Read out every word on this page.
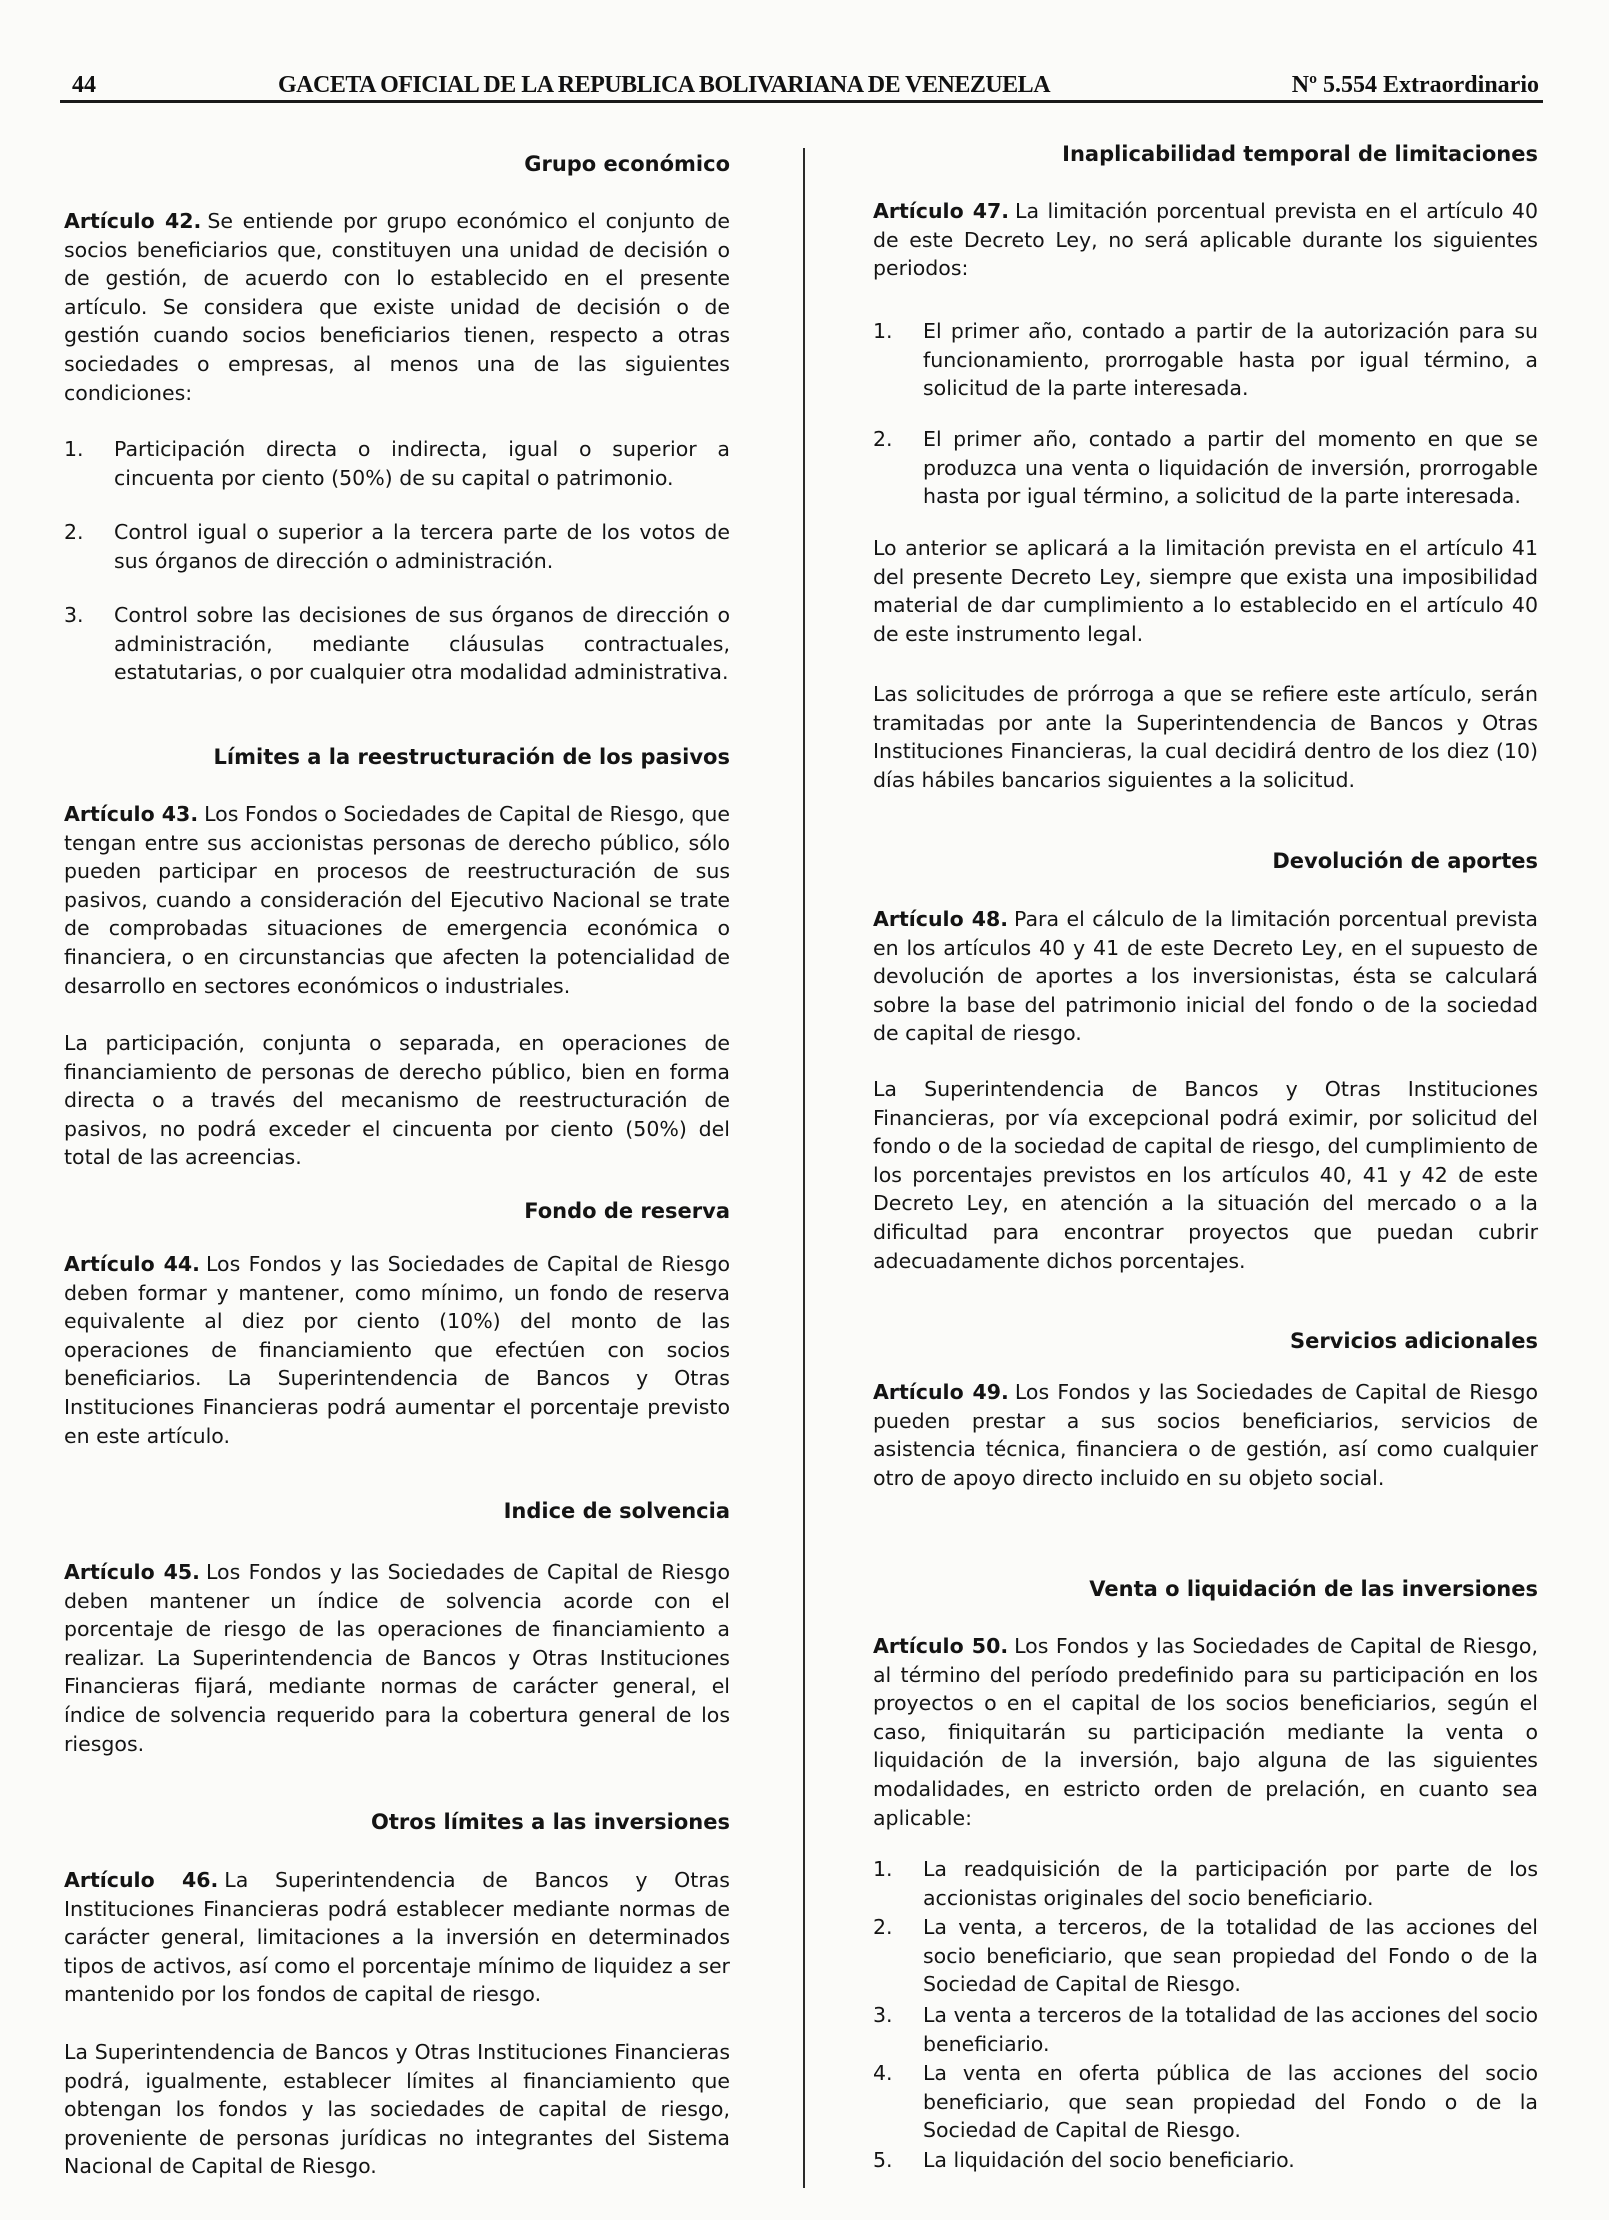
44	GACETA OFICIAL DE LA REPUBLICA BOLIVARIANA DE VENEZUELA	Nº 5.554 Extraordinario
Grupo económico
Artículo 42. Se entiende por grupo económico el conjunto de socios beneficiarios que, constituyen una unidad de decisión o de gestión, de acuerdo con lo establecido en el presente artículo. Se considera que existe unidad de decisión o de gestión cuando socios beneficiarios tienen, respecto a otras sociedades o empresas, al menos una de las siguientes condiciones:
1. Participación directa o indirecta, igual o superior a cincuenta por ciento (50%) de su capital o patrimonio.
2. Control igual o superior a la tercera parte de los votos de sus órganos de dirección o administración.
3. Control sobre las decisiones de sus órganos de dirección o administración, mediante cláusulas contractuales, estatutarias, o por cualquier otra modalidad administrativa.
Límites a la reestructuración de los pasivos
Artículo 43. Los Fondos o Sociedades de Capital de Riesgo, que tengan entre sus accionistas personas de derecho público, sólo pueden participar en procesos de reestructuración de sus pasivos, cuando a consideración del Ejecutivo Nacional se trate de comprobadas situaciones de emergencia económica o financiera, o en circunstancias que afecten la potencialidad de desarrollo en sectores económicos o industriales.
La participación, conjunta o separada, en operaciones de financiamiento de personas de derecho público, bien en forma directa o a través del mecanismo de reestructuración de pasivos, no podrá exceder el cincuenta por ciento (50%) del total de las acreencias.
Fondo de reserva
Artículo 44. Los Fondos y las Sociedades de Capital de Riesgo deben formar y mantener, como mínimo, un fondo de reserva equivalente al diez por ciento (10%) del monto de las operaciones de financiamiento que efectúen con socios beneficiarios. La Superintendencia de Bancos y Otras Instituciones Financieras podrá aumentar el porcentaje previsto en este artículo.
Indice de solvencia
Artículo 45. Los Fondos y las Sociedades de Capital de Riesgo deben mantener un índice de solvencia acorde con el porcentaje de riesgo de las operaciones de financiamiento a realizar. La Superintendencia de Bancos y Otras Instituciones Financieras fijará, mediante normas de carácter general, el índice de solvencia requerido para la cobertura general de los riesgos.
Otros límites a las inversiones
Artículo 46. La Superintendencia de Bancos y Otras Instituciones Financieras podrá establecer mediante normas de carácter general, limitaciones a la inversión en determinados tipos de activos, así como el porcentaje mínimo de liquidez a ser mantenido por los fondos de capital de riesgo.
La Superintendencia de Bancos y Otras Instituciones Financieras podrá, igualmente, establecer límites al financiamiento que obtengan los fondos y las sociedades de capital de riesgo, proveniente de personas jurídicas no integrantes del Sistema Nacional de Capital de Riesgo.
Inaplicabilidad temporal de limitaciones
Artículo 47. La limitación porcentual prevista en el artículo 40 de este Decreto Ley, no será aplicable durante los siguientes periodos:
1. El primer año, contado a partir de la autorización para su funcionamiento, prorrogable hasta por igual término, a solicitud de la parte interesada.
2. El primer año, contado a partir del momento en que se produzca una venta o liquidación de inversión, prorrogable hasta por igual término, a solicitud de la parte interesada.
Lo anterior se aplicará a la limitación prevista en el artículo 41 del presente Decreto Ley, siempre que exista una imposibilidad material de dar cumplimiento a lo establecido en el artículo 40 de este instrumento legal.
Las solicitudes de prórroga a que se refiere este artículo, serán tramitadas por ante la Superintendencia de Bancos y Otras Instituciones Financieras, la cual decidirá dentro de los diez (10) días hábiles bancarios siguientes a la solicitud.
Devolución de aportes
Artículo 48. Para el cálculo de la limitación porcentual prevista en los artículos 40 y 41 de este Decreto Ley, en el supuesto de devolución de aportes a los inversionistas, ésta se calculará sobre la base del patrimonio inicial del fondo o de la sociedad de capital de riesgo.
La Superintendencia de Bancos y Otras Instituciones Financieras, por vía excepcional podrá eximir, por solicitud del fondo o de la sociedad de capital de riesgo, del cumplimiento de los porcentajes previstos en los artículos 40, 41 y 42 de este Decreto Ley, en atención a la situación del mercado o a la dificultad para encontrar proyectos que puedan cubrir adecuadamente dichos porcentajes.
Servicios adicionales
Artículo 49. Los Fondos y las Sociedades de Capital de Riesgo pueden prestar a sus socios beneficiarios, servicios de asistencia técnica, financiera o de gestión, así como cualquier otro de apoyo directo incluido en su objeto social.
Venta o liquidación de las inversiones
Artículo 50. Los Fondos y las Sociedades de Capital de Riesgo, al término del período predefinido para su participación en los proyectos o en el capital de los socios beneficiarios, según el caso, finiquitarán su participación mediante la venta o liquidación de la inversión, bajo alguna de las siguientes modalidades, en estricto orden de prelación, en cuanto sea aplicable:
1. La readquisición de la participación por parte de los accionistas originales del socio beneficiario.
2. La venta, a terceros, de la totalidad de las acciones del socio beneficiario, que sean propiedad del Fondo o de la Sociedad de Capital de Riesgo.
3. La venta a terceros de la totalidad de las acciones del socio beneficiario.
4. La venta en oferta pública de las acciones del socio beneficiario, que sean propiedad del Fondo o de la Sociedad de Capital de Riesgo.
5. La liquidación del socio beneficiario.
